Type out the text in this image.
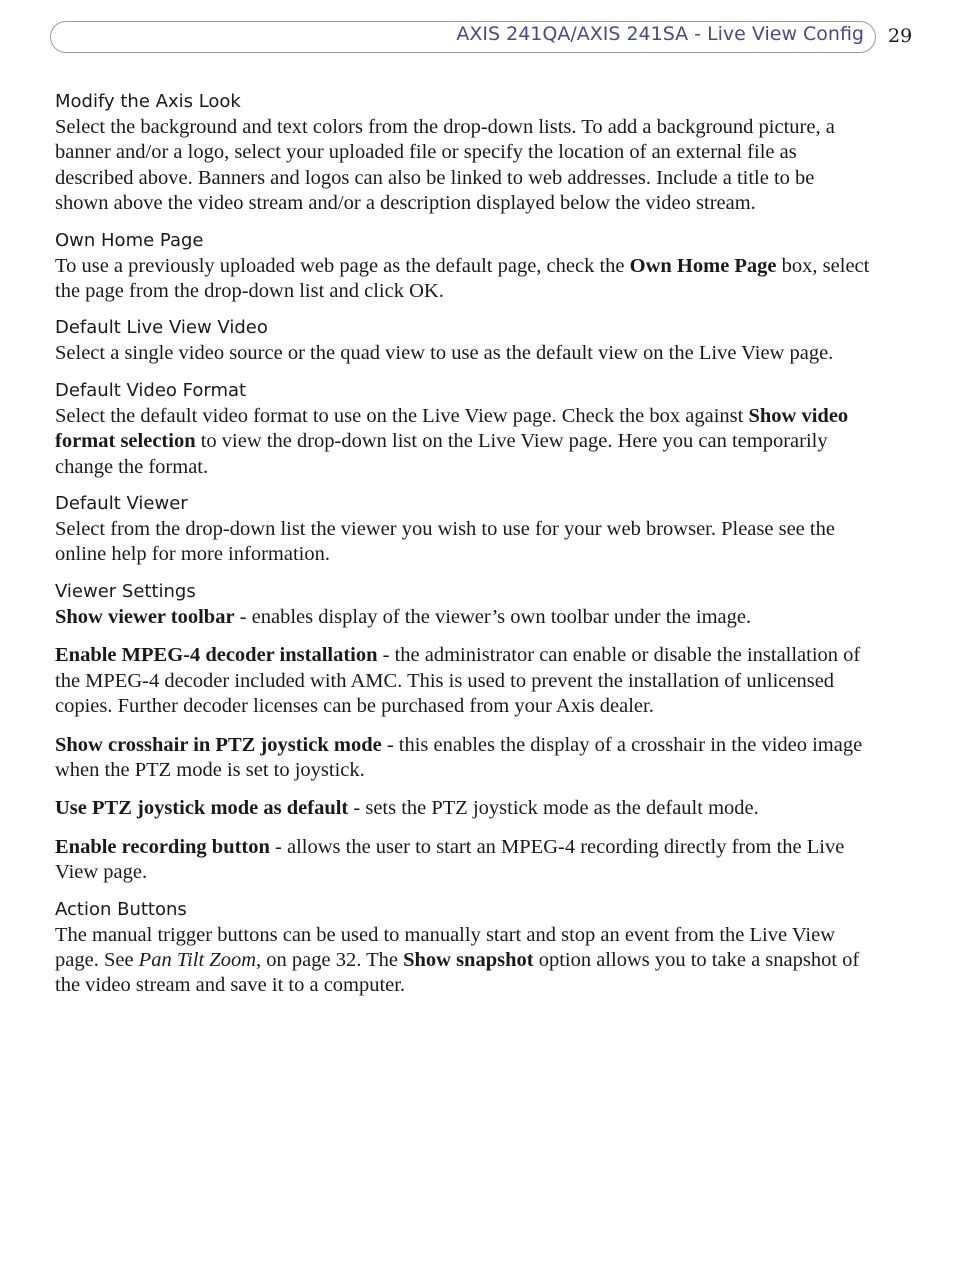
AXIS 241QA/AXIS 241SA - Live View Config 29
Modify the Axis Look

Select the background and text colors from the drop-down lists. To add a background picture, a banner and/or a logo, select your uploaded file or specify the location of an external file as described above. Banners and logos can also be linked to web addresses. Include a title to be shown above the video stream and/or a description displayed below the video stream.

Own Home Page

To use a previously uploaded web page as the default page, check the Own Home Page box, select the page from the drop-down list and click OK.

Default Live View Video

Select a single video source or the quad view to use as the default view on the Live View page.

Default Video Format

Select the default video format to use on the Live View page. Check the box against Show video format selection to view the drop-down list on the Live View page. Here you can temporarily change the format.

Default Viewer

Select from the drop-down list the viewer you wish to use for your web browser. Please see the online help for more information.

Viewer Settings

Show viewer toolbar - enables display of the viewer’s own toolbar under the image.

Enable MPEG-4 decoder installation - the administrator can enable or disable the installation of the MPEG-4 decoder included with AMC. This is used to prevent the installation of unlicensed copies. Further decoder licenses can be purchased from your Axis dealer.

Show crosshair in PTZ joystick mode - this enables the display of a crosshair in the video image when the PTZ mode is set to joystick.

Use PTZ joystick mode as default - sets the PTZ joystick mode as the default mode.

Enable recording button - allows the user to start an MPEG-4 recording directly from the Live View page.

Action Buttons

The manual trigger buttons can be used to manually start and stop an event from the Live View page. See Pan Tilt Zoom, on page 32. The Show snapshot option allows you to take a snapshot of the video stream and save it to a computer.
